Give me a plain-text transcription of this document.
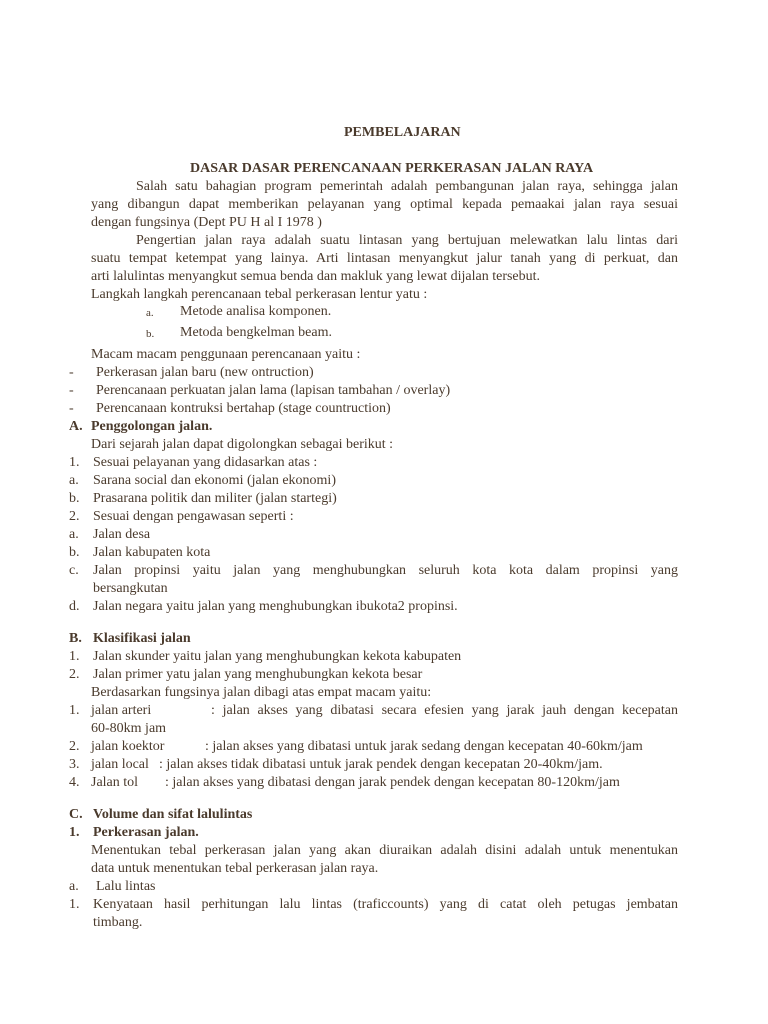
PEMBELAJARAN
DASAR DASAR PERENCANAAN PERKERASAN JALAN RAYA
Salah satu bahagian program pemerintah adalah pembangunan jalan raya, sehingga jalan
yang dibangun dapat memberikan pelayanan yang optimal kepada pemaakai jalan raya sesuai
dengan fungsinya (Dept PU H al I 1978 )
Pengertian jalan raya adalah suatu lintasan yang bertujuan melewatkan lalu lintas dari
suatu tempat ketempat yang lainya. Arti lintasan menyangkut jalur tanah yang di perkuat, dan
arti lalulintas menyangkut semua benda dan makluk yang lewat dijalan tersebut.
Langkah langkah perencanaan tebal perkerasan lentur yatu :
a. Metode analisa komponen.
b. Metoda bengkelman beam.
Macam macam penggunaan perencanaan yaitu :
- Perkerasan jalan baru (new ontruction)
- Perencanaan perkuatan jalan lama (lapisan tambahan / overlay)
- Perencanaan kontruksi bertahap (stage countruction)
A. Penggolongan jalan.
Dari sejarah jalan dapat digolongkan sebagai berikut :
1. Sesuai pelayanan yang didasarkan atas :
a. Sarana social dan ekonomi (jalan ekonomi)
b. Prasarana politik dan militer (jalan startegi)
2. Sesuai dengan pengawasan seperti :
a. Jalan desa
b. Jalan kabupaten kota
c. Jalan propinsi yaitu jalan yang menghubungkan seluruh kota kota dalam propinsi yang
bersangkutan
d. Jalan negara yaitu jalan yang menghubungkan ibukota2 propinsi.
B. Klasifikasi jalan
1. Jalan skunder yaitu jalan yang menghubungkan kekota kabupaten
2. Jalan primer yatu jalan yang menghubungkan kekota besar
Berdasarkan fungsinya jalan dibagi atas empat macam yaitu:
1. jalan arteri	: jalan akses yang dibatasi secara efesien yang jarak jauh dengan kecepatan
60-80km jam
2. jalan koektor	: jalan akses yang dibatasi untuk jarak sedang dengan kecepatan 40-60km/jam
3. jalan local : jalan akses tidak dibatasi untuk jarak pendek dengan kecepatan 20-40km/jam.
4. Jalan tol : jalan akses yang dibatasi dengan jarak pendek dengan kecepatan 80-120km/jam
C. Volume dan sifat lalulintas
1. Perkerasan jalan.
Menentukan tebal perkerasan jalan yang akan diuraikan adalah disini adalah untuk menentukan
data untuk menentukan tebal perkerasan jalan raya.
a. Lalu lintas
1. Kenyataan hasil perhitungan lalu lintas (traficcounts) yang di catat oleh petugas jembatan
timbang.
